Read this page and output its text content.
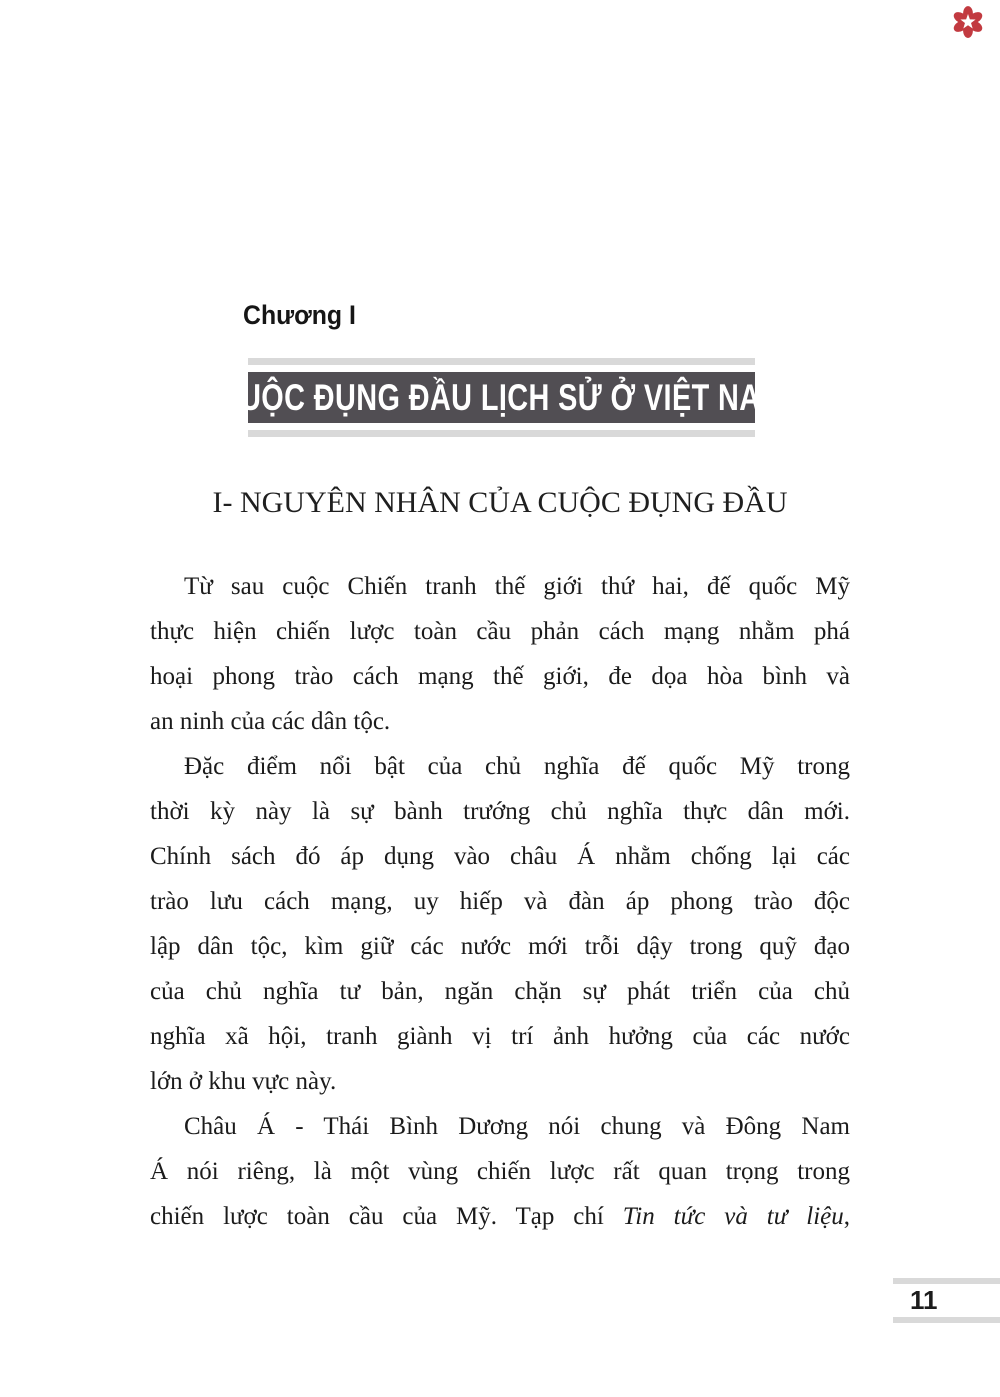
Chương I
CUỘC ĐỤNG ĐẦU LỊCH SỬ Ở VIỆT NAM
I- NGUYÊN NHÂN CỦA CUỘC ĐỤNG ĐẦU
Từ sau cuộc Chiến tranh thế giới thứ hai, đế quốc Mỹ
thực hiện chiến lược toàn cầu phản cách mạng nhằm phá
hoại phong trào cách mạng thế giới, đe dọa hòa bình và
an ninh của các dân tộc.
Đặc điểm nổi bật của chủ nghĩa đế quốc Mỹ trong
thời kỳ này là sự bành trướng chủ nghĩa thực dân mới.
Chính sách đó áp dụng vào châu Á nhằm chống lại các
trào lưu cách mạng, uy hiếp và đàn áp phong trào độc
lập dân tộc, kìm giữ các nước mới trỗi dậy trong quỹ đạo
của chủ nghĩa tư bản, ngăn chặn sự phát triển của chủ
nghĩa xã hội, tranh giành vị trí ảnh hưởng của các nước
lớn ở khu vực này.
Châu Á - Thái Bình Dương nói chung và Đông Nam
Á nói riêng, là một vùng chiến lược rất quan trọng trong
chiến lược toàn cầu của Mỹ. Tạp chí Tin tức và tư liệu,
11
